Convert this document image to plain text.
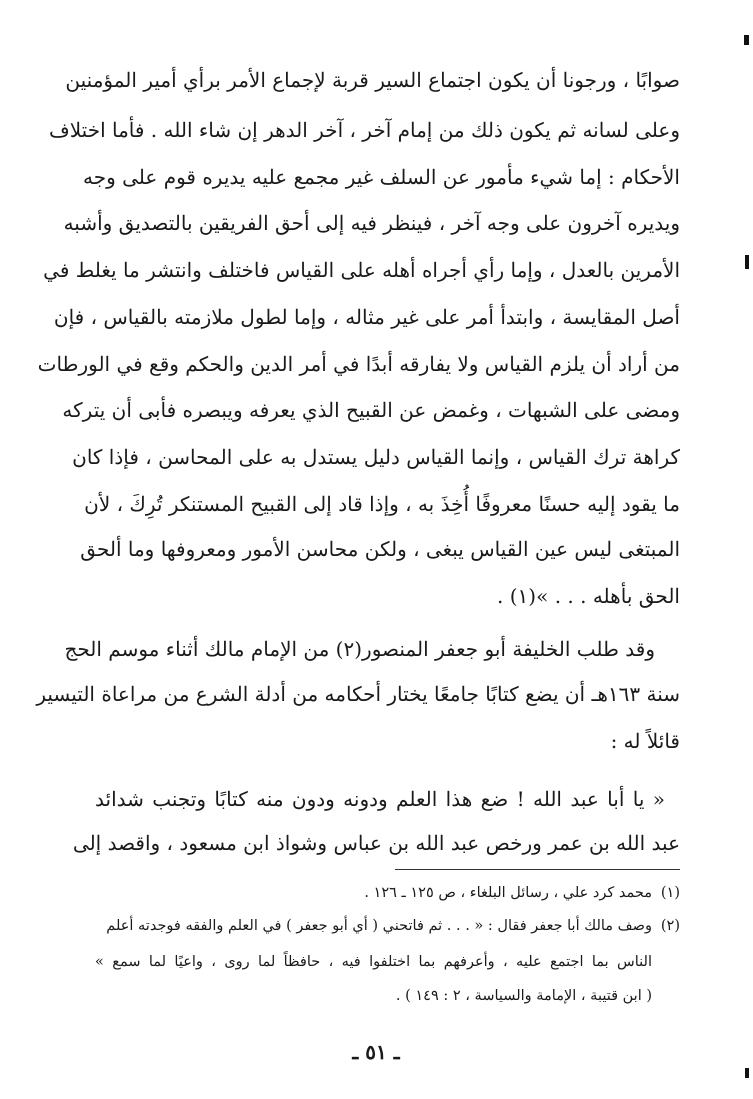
صوابًا ، ورجونا أن يكون اجتماع السير قربة لإجماع الأمر برأي أمير المؤمنين
وعلى لسانه ثم يكون ذلك من إمام آخر ، آخر الدهر إن شاء الله . فأما اختلاف
الأحكام : إما شيء مأمور عن السلف غير مجمع عليه يديره قوم على وجه
ويديره آخرون على وجه آخر ، فينظر فيه إلى أحق الفريقين بالتصديق وأشبه
الأمرين بالعدل ، وإما رأي أجراه أهله على القياس فاختلف وانتشر ما يغلط في
أصل المقايسة ، وابتدأ أمر على غير مثاله ، وإما لطول ملازمته بالقياس ، فإن
من أراد أن يلزم القياس ولا يفارقه أبدًا في أمر الدين والحكم وقع في الورطات
ومضى على الشبهات ، وغمض عن القبيح الذي يعرفه ويبصره فأبى أن يتركه
كراهة ترك القياس ، وإنما القياس دليل يستدل به على المحاسن ، فإذا كان
ما يقود إليه حسنًا معروفًا أُخِذَ به ، وإذا قاد إلى القبيح المستنكر تُرِكَ ، لأن
المبتغى ليس عين القياس يبغى ، ولكن محاسن الأمور ومعروفها وما ألحق
الحق بأهله . . . »(١) .
وقد طلب الخليفة أبو جعفر المنصور(٢) من الإمام مالك أثناء موسم الحج
سنة ١٦٣هـ أن يضع كتابًا جامعًا يختار أحكامه من أدلة الشرع من مراعاة التيسير
قائلاً له :
« يا أبا عبد الله ! ضع هذا العلم ودونه ودون منه كتابًا وتجنب شدائد
عبد الله بن عمر ورخص عبد الله بن عباس وشواذ ابن مسعود ، واقصد إلى
(١)محمد كرد علي ، رسائل البلغاء ، ص ١٢٥ ـ ١٢٦ .
(٢)وصف مالك أبا جعفر فقال : « . . . ثم فاتحني ( أي أبو جعفر ) في العلم والفقه فوجدته أعلم
الناس بما اجتمع عليه ، وأعرفهم بما اختلفوا فيه ، حافظاً لما روى ، واعيًا لما سمع »
( ابن قتيبة ، الإمامة والسياسة ، ٢ : ١٤٩ ) .
ـ ٥١ ـ
